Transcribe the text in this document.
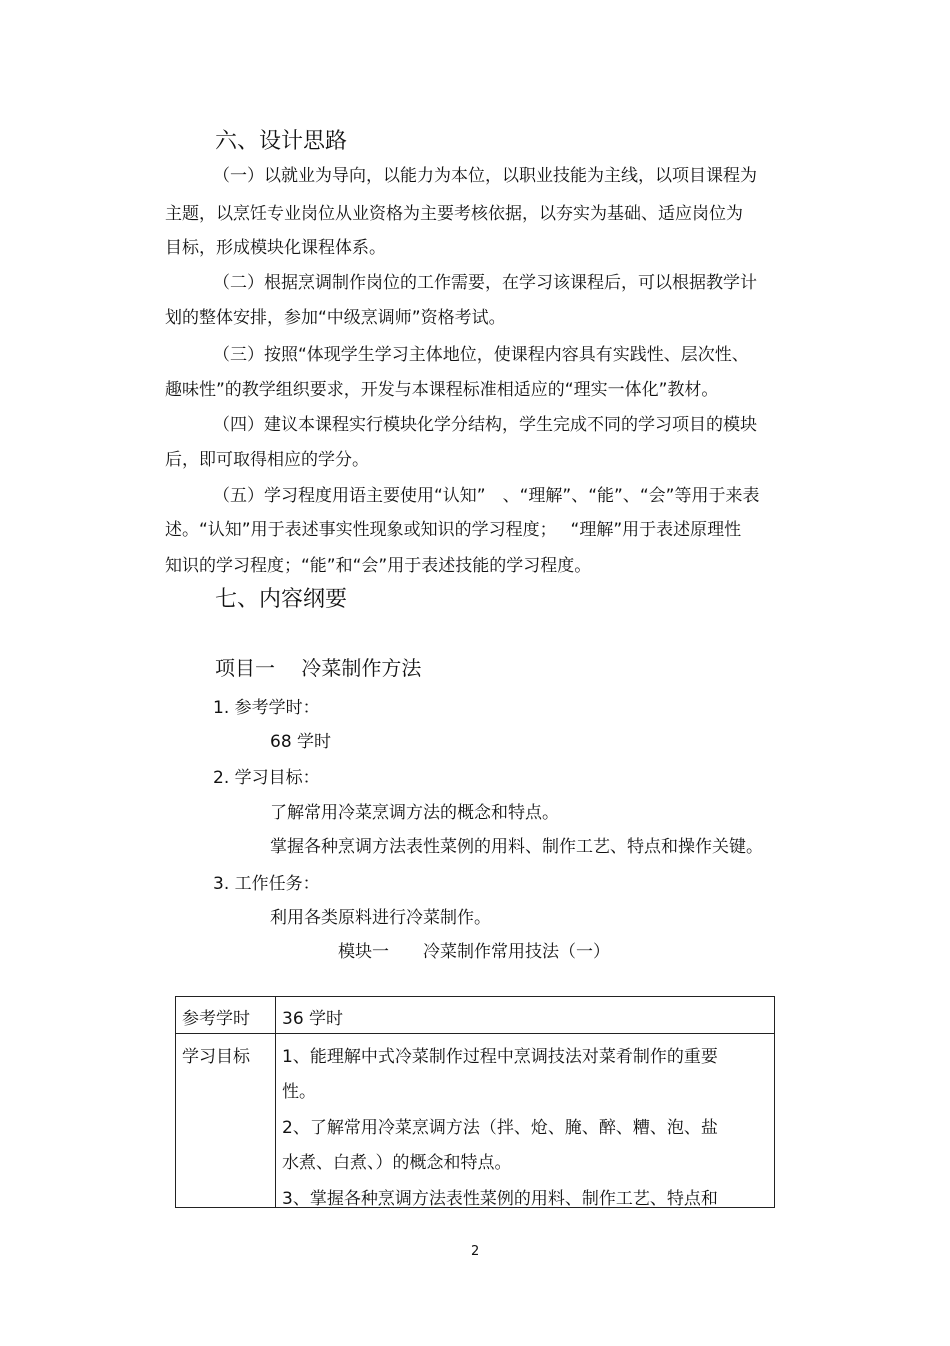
六、设计思路
（一）以就业为导向，以能力为本位，以职业技能为主线，以项目课程为
主题，以烹饪专业岗位从业资格为主要考核依据，以夯实为基础、适应岗位为
目标，形成模块化课程体系。
（二）根据烹调制作岗位的工作需要，在学习该课程后，可以根据教学计
划的整体安排，参加“中级烹调师”资格考试。
（三）按照“体现学生学习主体地位，使课程内容具有实践性、层次性、
趣味性”的教学组织要求，开发与本课程标准相适应的“理实一体化”教材。
（四）建议本课程实行模块化学分结构，学生完成不同的学习项目的模块
后，即可取得相应的学分。
（五）学习程度用语主要使用“认知”　、“理解”、“能”、“会”等用于来表
述。“认知”用于表述事实性现象或知识的学习程度；　 “理解”用于表述原理性
知识的学习程度；“能”和“会”用于表述技能的学习程度。
七、内容纲要
项目一　 冷菜制作方法
1. 参考学时：
68 学时
2. 学习目标：
了解常用冷菜烹调方法的概念和特点。
掌握各种烹调方法表性菜例的用料、制作工艺、特点和操作关键。
3. 工作任务：
利用各类原料进行冷菜制作。
模块一　　冷菜制作常用技法（一）
参考学时 36 学时
学习目标 1、能理解中式冷菜制作过程中烹调技法对菜肴制作的重要
性。
2、了解常用冷菜烹调方法（拌、炝、腌、醉、糟、泡、盐
水煮、白煮、）的概念和特点。
3、掌握各种烹调方法表性菜例的用料、制作工艺、特点和
2
